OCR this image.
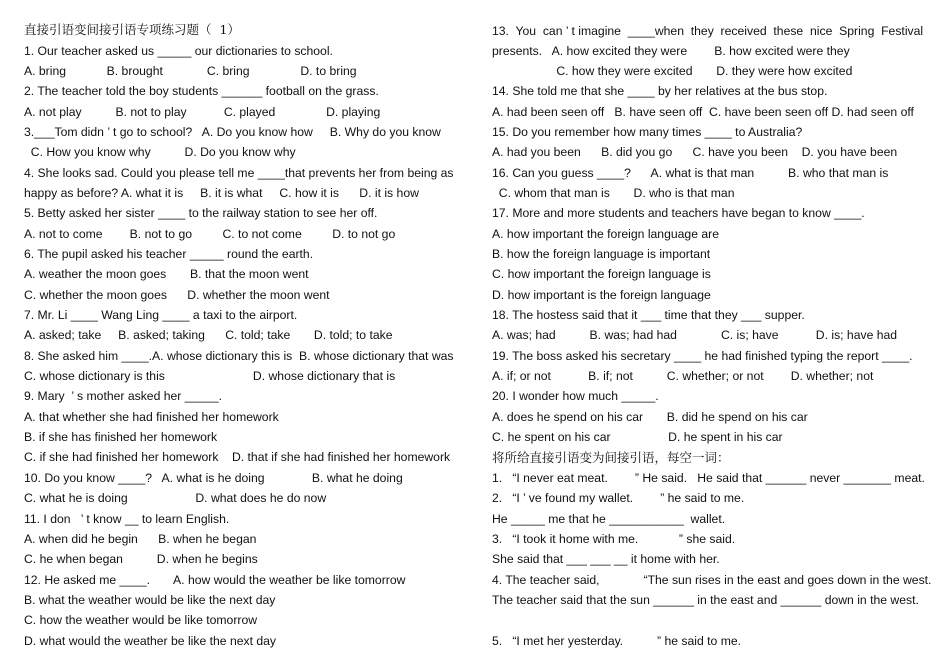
直接引语变间接引语专项练习题（  1）
1. Our teacher asked us _____ our dictionaries to school.
A. bring            B. brought             C. bring               D. to bring
2. The teacher told the boy students ______ football on the grass.
A. not play          B. not to play           C. played               D. playing
3.___Tom didn ’ t go to school?   A. Do you know how     B. Why do you know
C. How you know why          D. Do you know why
4. She looks sad. Could you please tell me ____that prevents her from being as
happy as before? A. what it is     B. it is what     C. how it is      D. it is how
5. Betty asked her sister ____ to the railway station to see her off.
A. not to come        B. not to go         C. to not come         D. to not go
6. The pupil asked his teacher _____ round the earth.
A. weather the moon goes       B. that the moon went
C. whether the moon goes      D. whether the moon went
7. Mr. Li ____ Wang Ling ____ a taxi to the airport.
A. asked; take     B. asked; taking      C. told; take       D. told; to take
8. She asked him ____.A. whose dictionary this is  B. whose dictionary that was
C. whose dictionary is this                          D. whose dictionary that is
9. Mary  ’ s mother asked her _____.
A. that whether she had finished her homework
B. if she has finished her homework
C. if she had finished her homework    D. that if she had finished her homework
10. Do you know ____?   A. what is he doing              B. what he doing
C. what he is doing                    D. what does he do now
11. I don   ’ t know __ to learn English.
A. when did he begin      B. when he began
C. he when began          D. when he begins
12. He asked me ____.       A. how would the weather be like tomorrow
B. what the weather would be like the next day
C. how the weather would be like tomorrow
D. what would the weather be like the next day
13.  You  can ’ t imagine  ____when  they  received  these  nice  Spring  Festival
presents.   A. how excited they were        B. how excited were they
C. how they were excited       D. they were how excited
14. She told me that she ____ by her relatives at the bus stop.
A. had been seen off   B. have seen off  C. have been seen off D. had seen off
15. Do you remember how many times ____ to Australia?
A. had you been      B. did you go      C. have you been    D. you have been
16. Can you guess ____?      A. what is that man          B. who that man is
C. whom that man is       D. who is that man
17. More and more students and teachers have began to know ____.
A. how important the foreign language are
B. how the foreign language is important
C. how important the foreign language is
D. how important is the foreign language
18. The hostess said that it ___ time that they ___ supper.
A. was; had          B. was; had had             C. is; have           D. is; have had
19. The boss asked his secretary ____ he had finished typing the report ____.
A. if; or not           B. if; not          C. whether; or not        D. whether; not
20. I wonder how much _____.
A. does he spend on his car       B. did he spend on his car
C. he spent on his car                 D. he spent in his car
将所给直接引语变为间接引语，每空一词：
1.   “I never eat meat.        ” He said.   He said that ______ never _______ meat.
2.   “I ’ ve found my wallet.        ” he said to me.
He _____ me that he ___________  wallet.
3.   “I took it home with me.            ” she said.
She said that ___ ___ __ it home with her.
4. The teacher said,             “The sun rises in the east and goes down in the west.
The teacher said that the sun ______ in the east and ______ down in the west.
5.   “I met her yesterday.          ” he said to me.
